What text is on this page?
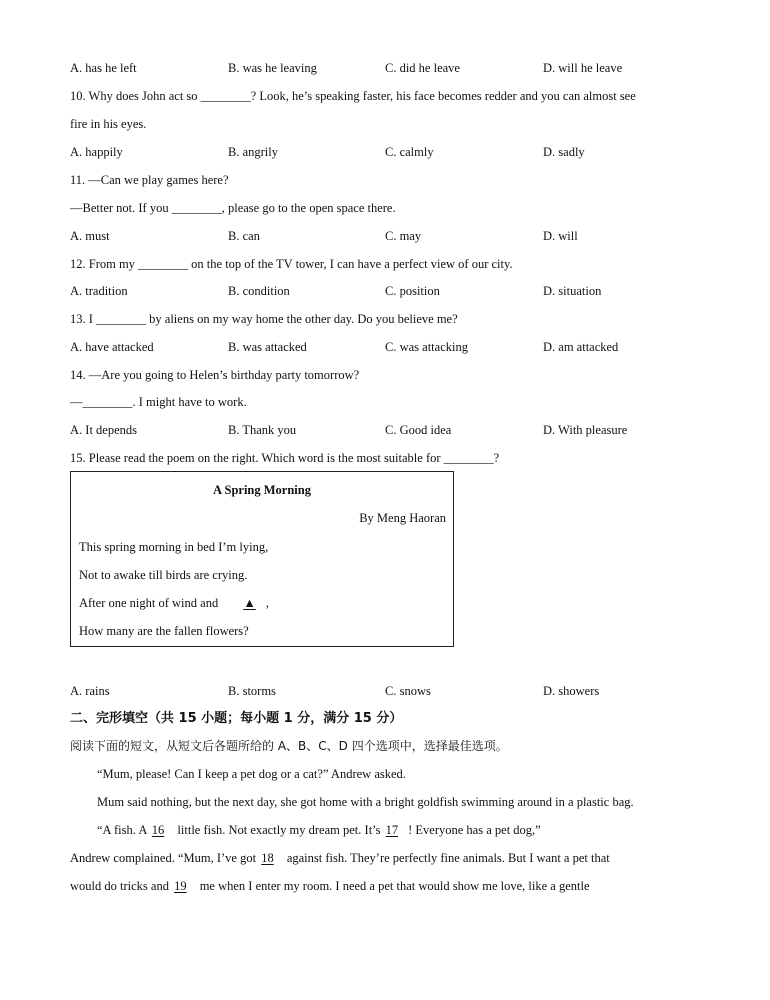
A. has he left	B. was he leaving	C. did he leave	D. will he leave
10. Why does John act so ________? Look, he’s speaking faster, his face becomes redder and you can almost see
fire in his eyes.
A. happily	B. angrily	C. calmly	D. sadly
11. —Can we play games here?
—Better not. If you ________, please go to the open space there.
A. must	B. can	C. may	D. will
12. From my ________ on the top of the TV tower, I can have a perfect view of our city.
A. tradition	B. condition	C. position	D. situation
13. I ________ by aliens on my way home the other day. Do you believe me?
A. have attacked	B. was attacked	C. was attacking	D. am attacked
14. —Are you going to Helen’s birthday party tomorrow?
—________. I might have to work.
A. It depends	B. Thank you	C. Good idea	D. With pleasure
15. Please read the poem on the right. Which word is the most suitable for ________?
A Spring Morning
By Meng Haoran
This spring morning in bed I’m lying,
Not to awake till birds are crying.
After one night of wind and ▲ ,
How many are the fallen flowers?
A. rains	B. storms	C. snows	D. showers
二、完形填空（共 15 小题；每小题 1 分，满分 15 分）
阅读下面的短文，从短文后各题所给的 A、B、C、D 四个选项中，选择最佳选项。
“Mum, please! Can I keep a pet dog or a cat?” Andrew asked.
Mum said nothing, but the next day, she got home with a bright goldfish swimming around in a plastic bag.
“A fish. A 16 little fish. Not exactly my dream pet. It’s 17 ! Everyone has a pet dog,”
Andrew complained. “Mum, I’ve got 18 against fish. They’re perfectly fine animals. But I want a pet that
would do tricks and 19 me when I enter my room. I need a pet that would show me love, like a gentle
